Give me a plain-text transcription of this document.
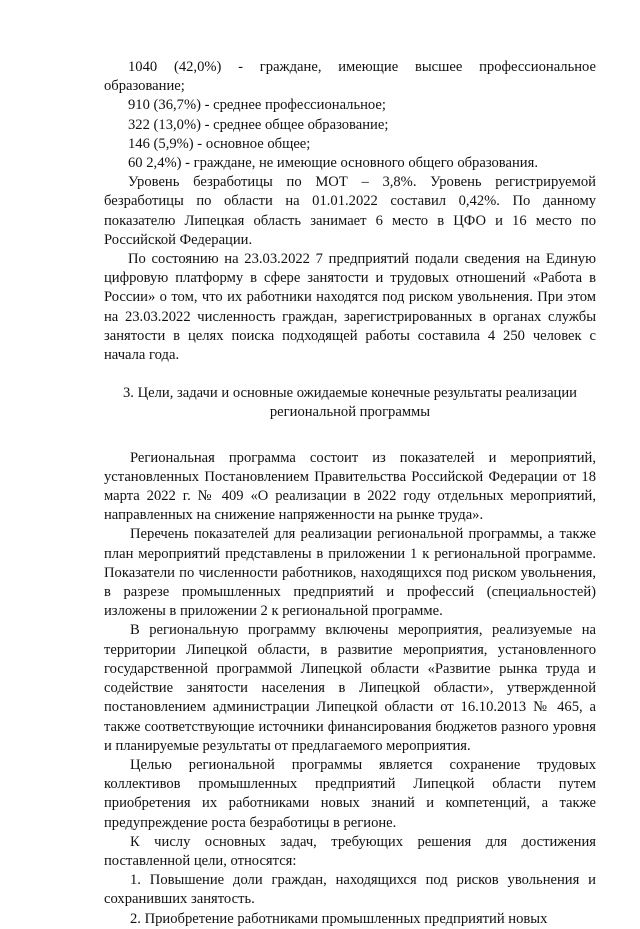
1040 (42,0%) - граждане, имеющие высшее профессиональное образование;

910 (36,7%) - среднее профессиональное;

322 (13,0%) - среднее общее образование;

146 (5,9%) - основное общее;

60 2,4%) - граждане, не имеющие основного общего образования.

Уровень безработицы по МОТ – 3,8%. Уровень регистрируемой безработицы по области на 01.01.2022 составил 0,42%. По данному показателю Липецкая область занимает 6 место в ЦФО и 16 место по Российской Федерации.

По состоянию на 23.03.2022 7 предприятий подали сведения на Единую цифровую платформу в сфере занятости и трудовых отношений «Работа в России» о том, что их работники находятся под риском увольнения. При этом на 23.03.2022 численность граждан, зарегистрированных в органах службы занятости в целях поиска подходящей работы составила 4 250 человек с начала года.

3. Цели, задачи и основные ожидаемые конечные результаты реализации региональной программы

Региональная программа состоит из показателей и мероприятий, установленных Постановлением Правительства Российской Федерации от 18 марта 2022 г. № 409 «О реализации в 2022 году отдельных мероприятий, направленных на снижение напряженности на рынке труда».

Перечень показателей для реализации региональной программы, а также план мероприятий представлены в приложении 1 к региональной программе. Показатели по численности работников, находящихся под риском увольнения, в разрезе промышленных предприятий и профессий (специальностей) изложены в приложении 2 к региональной программе.

В региональную программу включены мероприятия, реализуемые на территории Липецкой области, в развитие мероприятия, установленного государственной программой Липецкой области «Развитие рынка труда и содействие занятости населения в Липецкой области», утвержденной постановлением администрации Липецкой области от 16.10.2013 № 465, а также соответствующие источники финансирования бюджетов разного уровня и планируемые результаты от предлагаемого мероприятия.

Целью региональной программы является сохранение трудовых коллективов промышленных предприятий Липецкой области путем приобретения их работниками новых знаний и компетенций, а также предупреждение роста безработицы в регионе.

К числу основных задач, требующих решения для достижения поставленной цели, относятся:

1. Повышение доли граждан, находящихся под рисков увольнения и сохранивших занятость.

2. Приобретение работниками промышленных предприятий новых
